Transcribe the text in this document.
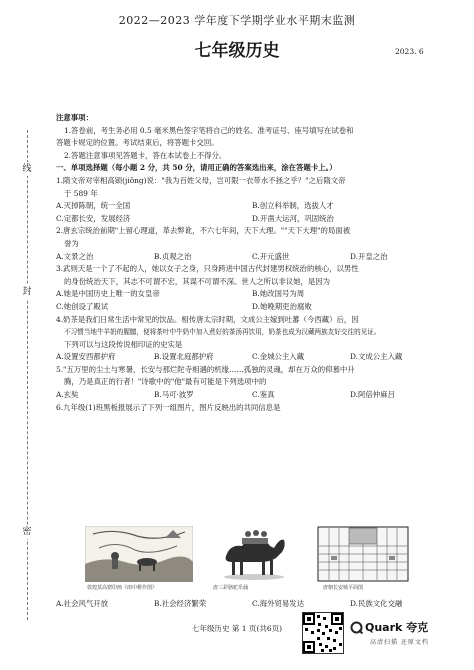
2022—2023 学年度下学期学业水平期末监测
七年级历史	2023. 6
线
封
密
注意事项：
1.答卷前，考生务必用 0.5 毫米黑色签字笔将自己的姓名、准考证号、座号填写在试卷和
答题卡规定的位置。考试结束后，将答题卡交回。
2.答题注意事项见答题卡，答在本试卷上不得分。
一、单项选择题（每小题 2 分，共 50 分，请用正确的答案选出来，涂在答题卡上。）
1.隋文帝对宰相高颎(jiǒng)说："我为百姓父母，岂可限一衣带水不拯之乎？"之后隋文帝
于 589 年
A.灭掉陈朝，统一全国	B.创立科举制，选拔人才
C.定都长安，发展经济	D.开凿大运河，巩固统治
2.唐玄宗统治前期"上留心理道，革去弊讹，不六七年间，天下大理。""天下大理"的局面被
誉为
A.文景之治	B.贞观之治	C.开元盛世	D.开皇之治
3.武则天是一个了不起的人，她以女子之身，只身跨进中国古代封建男权统治的核心，以男性
的身份统治天下，其志不可谓不宏，其谋不可谓不深。世人之所以非议她，是因为
A.她是中国历史上唯一的女皇帝	B.她改国号为周
C.她创设了殿试	D.她晚期吏治腐败
4.奶茶是我们日常生活中常见的饮品。相传唐太宗时期，文成公主嫁到吐蕃（今西藏）后，因
不习惯当地牛羊奶的腥膻，便将茶叶中牛奶中加入煮好的茶汤再饮用，奶茶也成为汉藏两族友好交往的见证。
下列可以与这段传说相印证的史实是
A.设置安西都护府	B.设置北庭都护府	C.金城公主入藏	D.文成公主入藏
5."五万里的尘土与寒暑，长安与那烂陀寺相遇的机缘……孤独的灵魂，却在万众的仰慕中升
腾，乃是真正的行者！"诗歌中的"他"最有可能是下列选项中的
A.玄奘	B.马可·波罗	C.鉴真	D.阿倍仲麻吕
6.九年级(1)班黑板报展示了下列一组图片，图片反映出的共同信息是
敦煌莫高窟印画《雨中耕作图》	唐三彩骆驼乐俑	唐朝长安城平面图
A.社会风气开放	B.社会经济繁荣	C.海外贸易发达	D.民族文化交融
七年级历史 第 1 页(共6页)	Quark 夸克
高清扫描 还原文档
